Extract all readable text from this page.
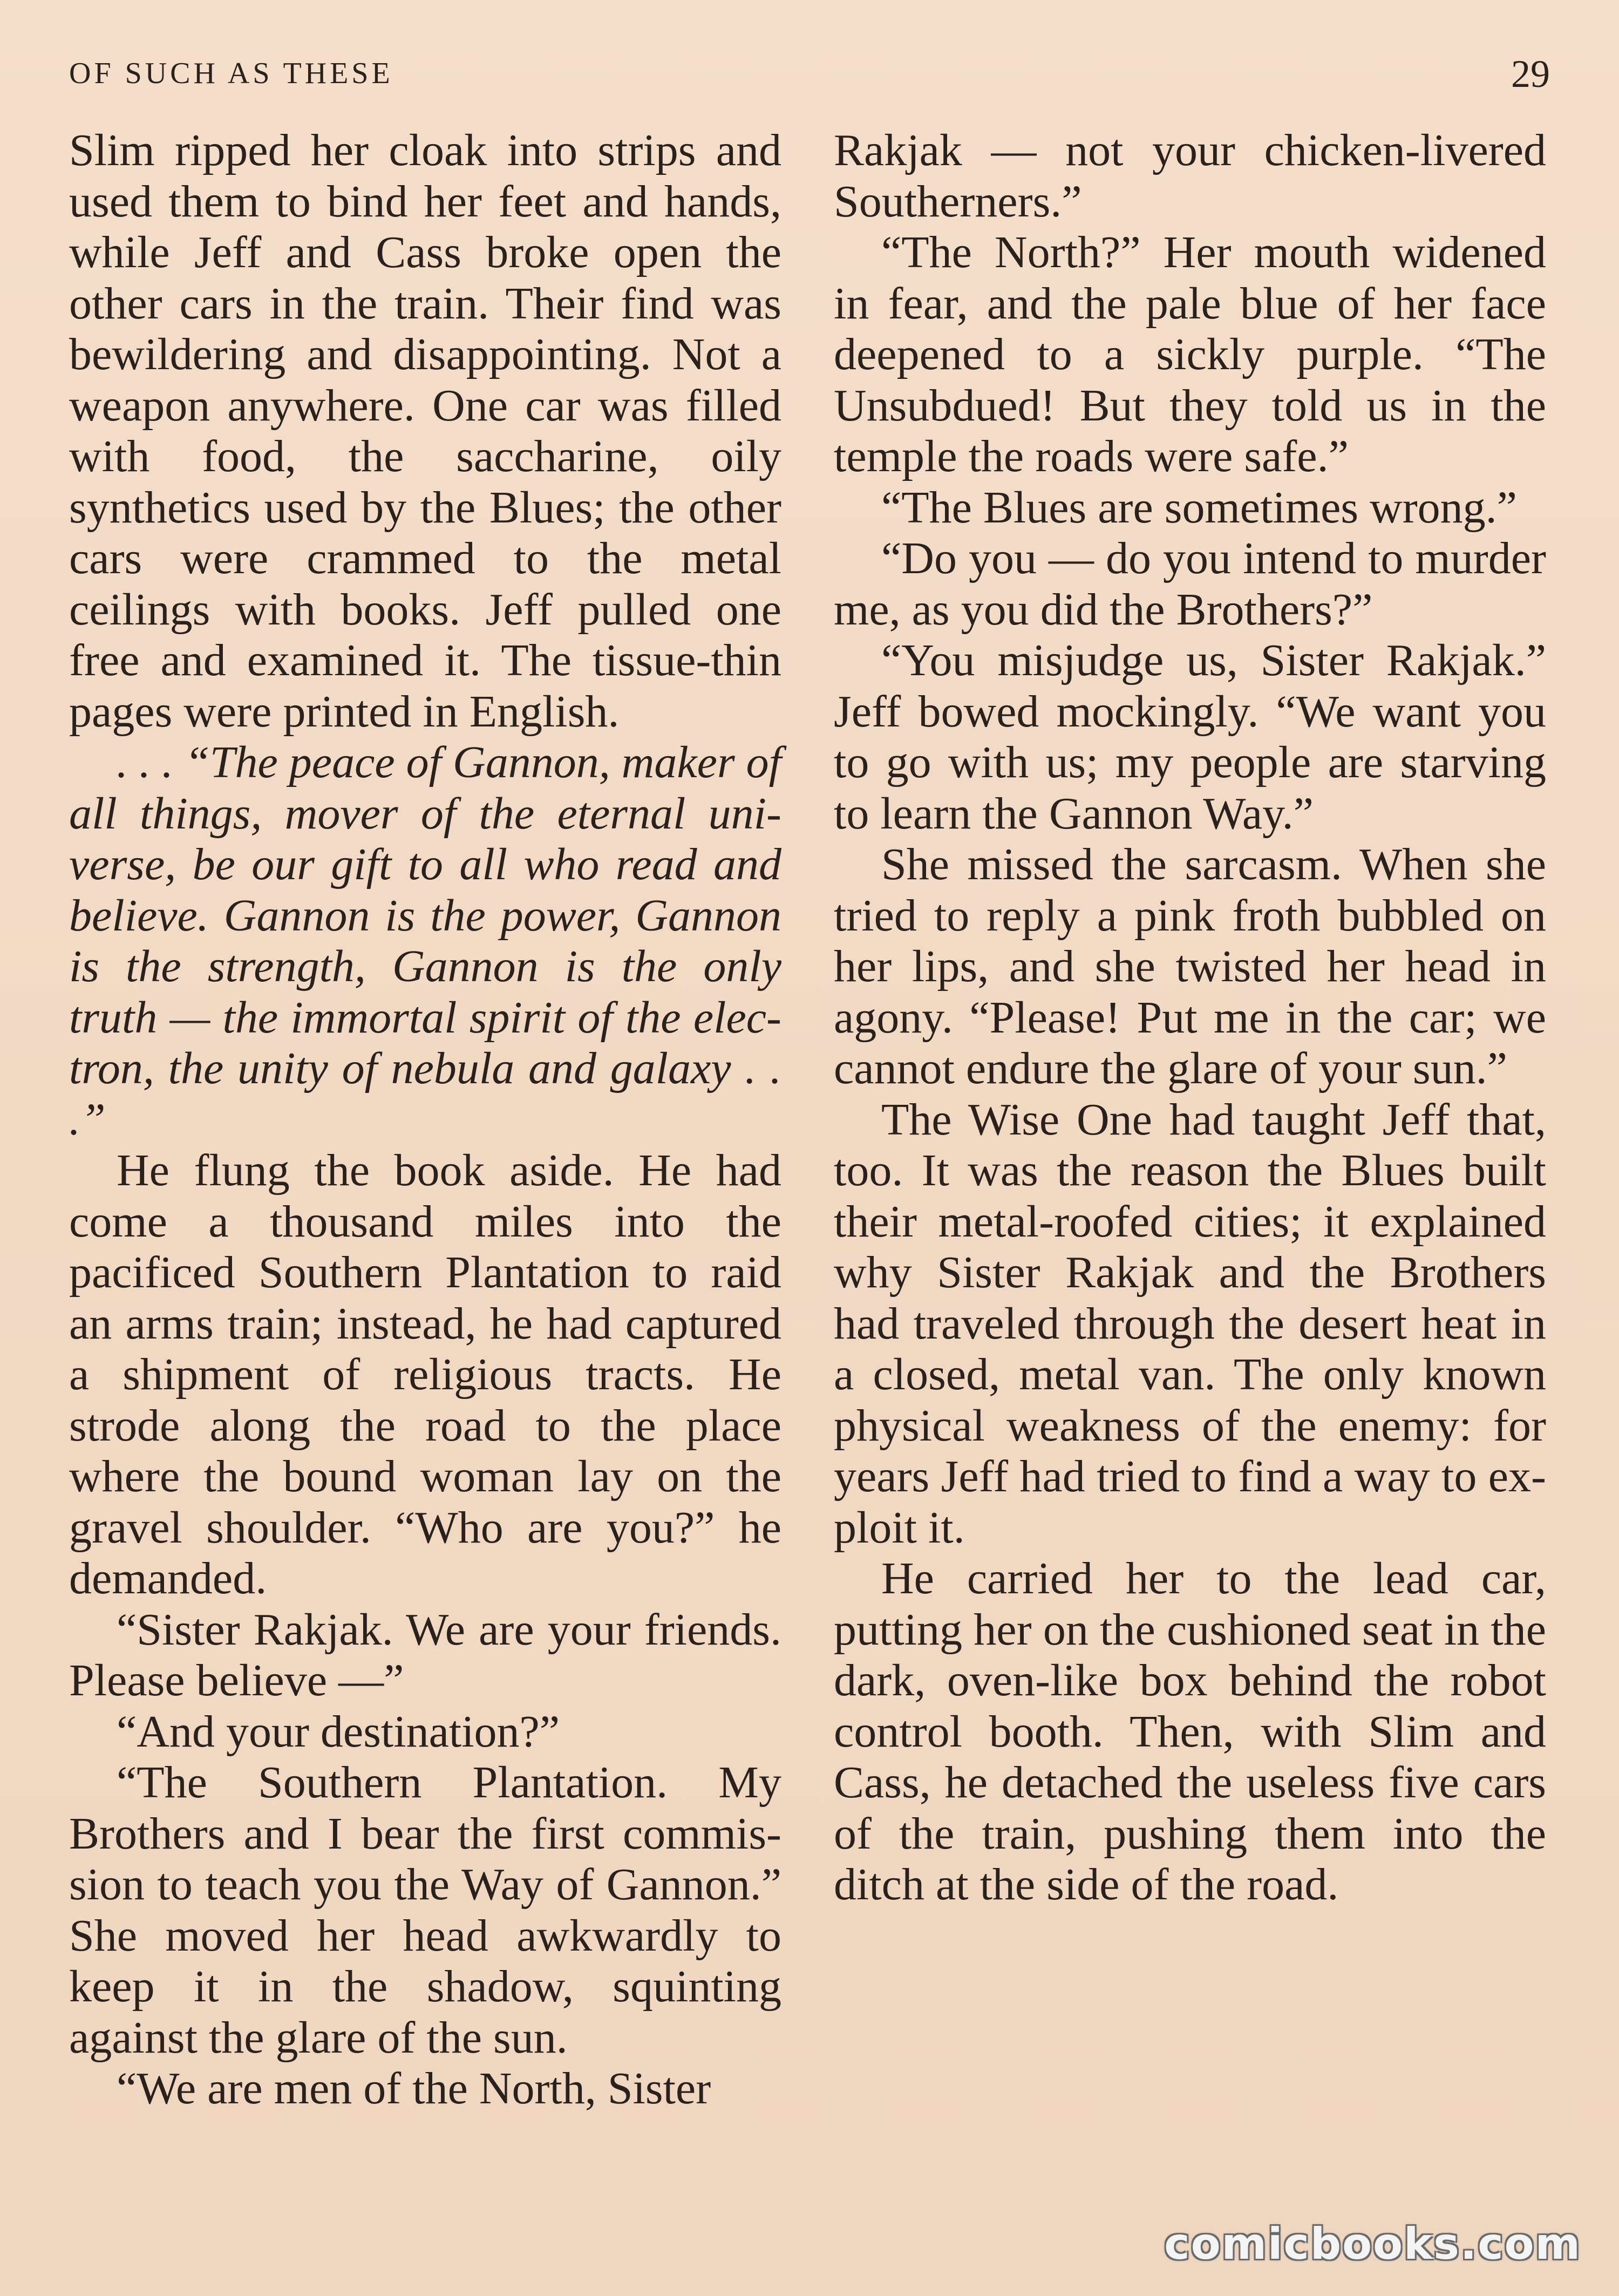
OF SUCH AS THESE	29

Slim ripped her cloak into strips and used them to bind her feet and hands, while Jeff and Cass broke open the other cars in the train. Their find was bewildering and disappointing. Not a weapon anywhere. One car was filled with food, the saccharine, oily synthetics used by the Blues; the other cars were crammed to the metal ceilings with books. Jeff pulled one free and examined it. The tissue-thin pages were printed in English.

. . . “The peace of Gannon, maker of all things, mover of the eternal universe, be our gift to all who read and believe. Gannon is the power, Gannon is the strength, Gannon is the only truth — the immortal spirit of the electron, the unity of nebula and galaxy . . .”

He flung the book aside. He had come a thousand miles into the pacificed Southern Plantation to raid an arms train; instead, he had captured a shipment of religious tracts. He strode along the road to the place where the bound woman lay on the gravel shoulder. “Who are you?” he demanded.

“Sister Rakjak. We are your friends. Please believe —”

“And your destination?”

“The Southern Plantation. My Brothers and I bear the first commission to teach you the Way of Gannon.” She moved her head awkwardly to keep it in the shadow, squinting against the glare of the sun.

“We are men of the North, Sister

Rakjak — not your chicken-livered Southerners.”

“The North?” Her mouth widened in fear, and the pale blue of her face deepened to a sickly purple. “The Unsubdued! But they told us in the temple the roads were safe.”

“The Blues are sometimes wrong.”

“Do you — do you intend to murder me, as you did the Brothers?”

“You misjudge us, Sister Rakjak.” Jeff bowed mockingly. “We want you to go with us; my people are starving to learn the Gannon Way.”

She missed the sarcasm. When she tried to reply a pink froth bubbled on her lips, and she twisted her head in agony. “Please! Put me in the car; we cannot endure the glare of your sun.”

The Wise One had taught Jeff that, too. It was the reason the Blues built their metal-roofed cities; it explained why Sister Rakjak and the Brothers had traveled through the desert heat in a closed, metal van. The only known physical weakness of the enemy: for years Jeff had tried to find a way to exploit it.

He carried her to the lead car, putting her on the cushioned seat in the dark, oven-like box behind the robot control booth. Then, with Slim and Cass, he detached the useless five cars of the train, pushing them into the ditch at the side of the road.

comicbooks.com
